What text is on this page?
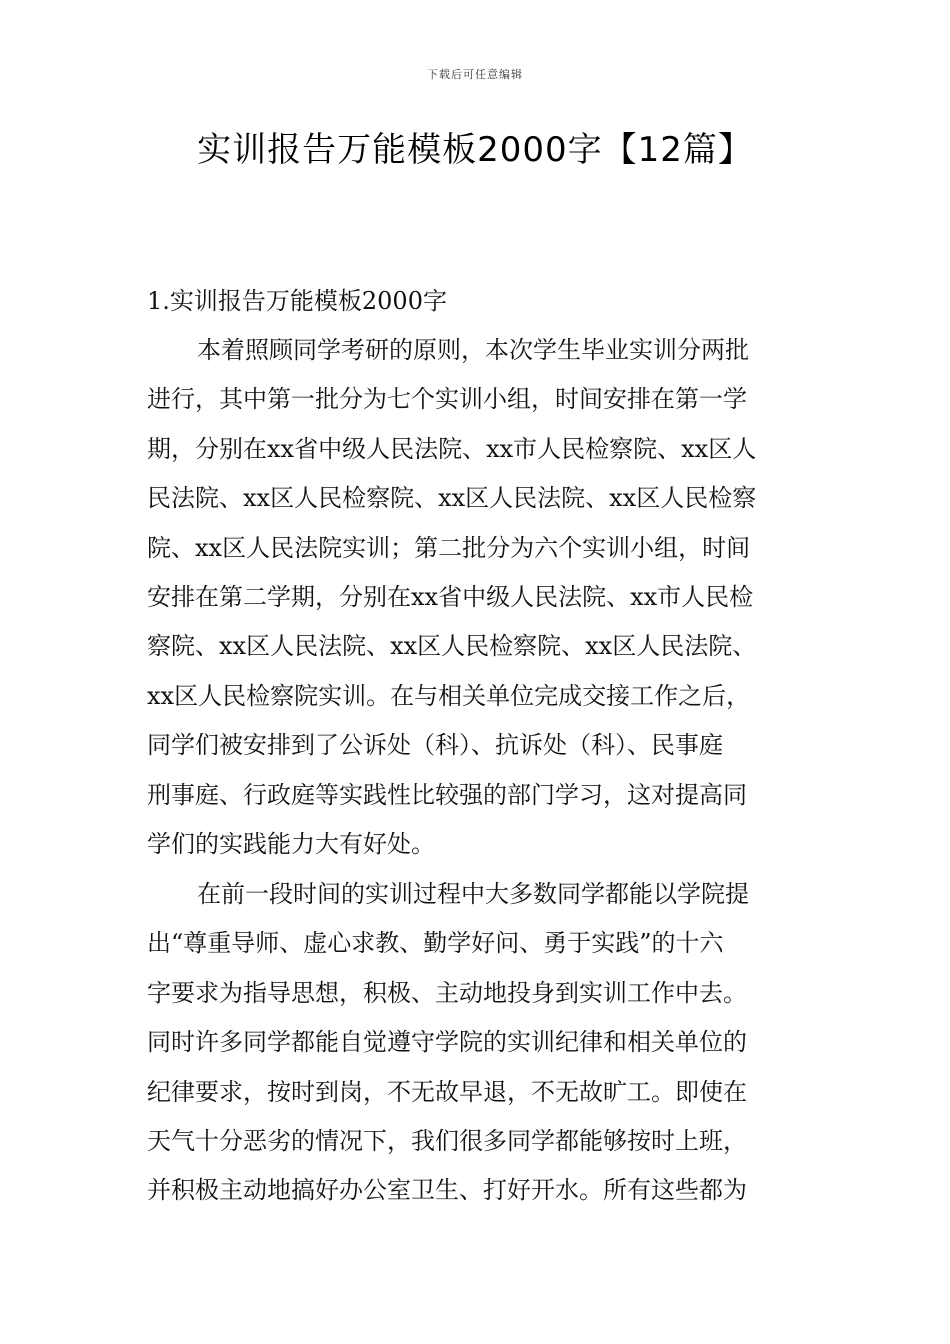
下载后可任意编辑
实训报告万能模板2000字【12篇】
1.实训报告万能模板2000字
本着照顾同学考研的原则，本次学生毕业实训分两批
进行，其中第一批分为七个实训小组，时间安排在第一学
期，分别在xx省中级人民法院、xx市人民检察院、xx区人
民法院、xx区人民检察院、xx区人民法院、xx区人民检察
院、xx区人民法院实训；第二批分为六个实训小组，时间
安排在第二学期，分别在xx省中级人民法院、xx市人民检
察院、xx区人民法院、xx区人民检察院、xx区人民法院、
xx区人民检察院实训。在与相关单位完成交接工作之后，
同学们被安排到了公诉处（科）、抗诉处（科）、民事庭
刑事庭、行政庭等实践性比较强的部门学习，这对提高同
学们的实践能力大有好处。
在前一段时间的实训过程中大多数同学都能以学院提
出“尊重导师、虚心求教、勤学好问、勇于实践”的十六
字要求为指导思想，积极、主动地投身到实训工作中去。
同时许多同学都能自觉遵守学院的实训纪律和相关单位的
纪律要求，按时到岗，不无故早退，不无故旷工。即使在
天气十分恶劣的情况下，我们很多同学都能够按时上班，
并积极主动地搞好办公室卫生、打好开水。所有这些都为
